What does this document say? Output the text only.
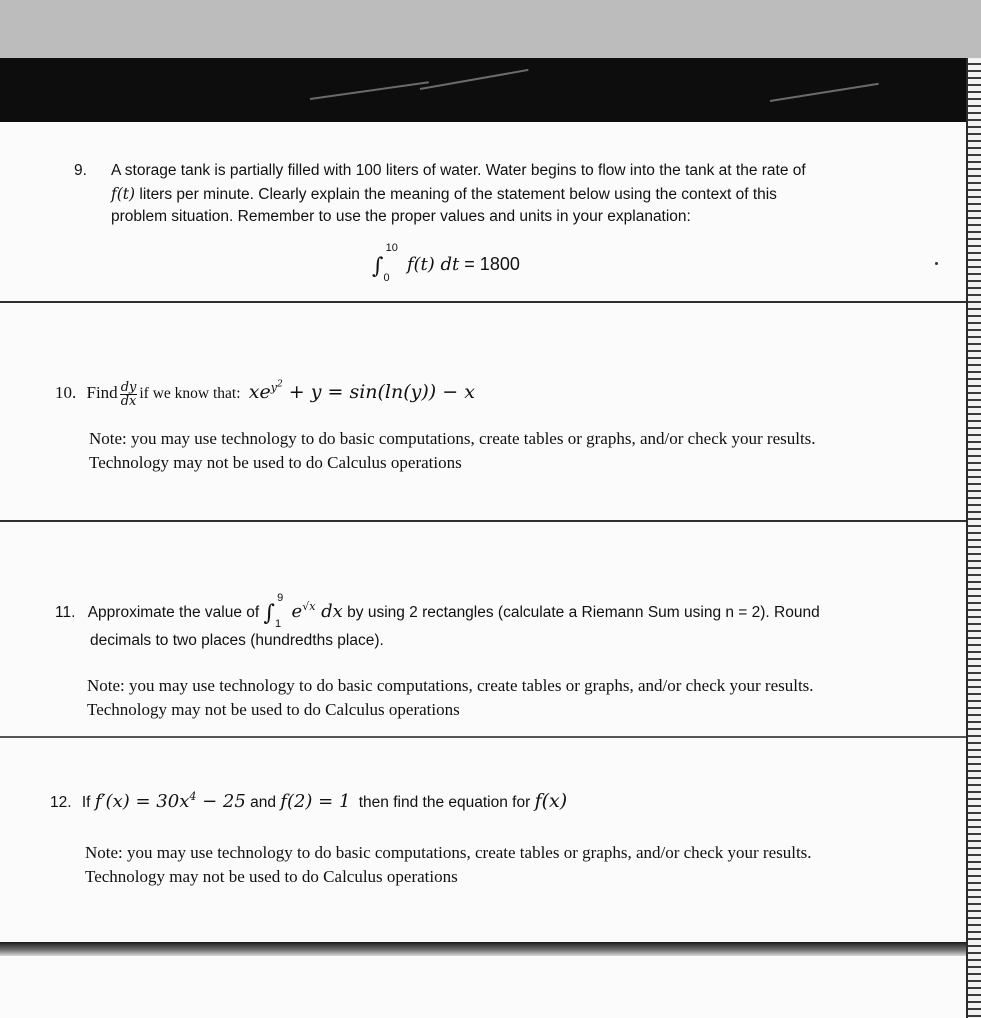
9. A storage tank is partially filled with 100 liters of water. Water begins to flow into the tank at the rate of
f(t) liters per minute. Clearly explain the meaning of the statement below using the context of this
problem situation. Remember to use the proper values and units in your explanation:
$\int_0^{10}$ f(t) dt = 1800
10. Find $\frac{dy}{dx}$ if we know that: $xe^{y^2} + y = \sin(\ln(y)) - x$
Note: you may use technology to do basic computations, create tables or graphs, and/or check your results.
Technology may not be used to do Calculus operations
11. Approximate the value of $\int_1^9$ $e^{√x}$ dx by using 2 rectangles (calculate a Riemann Sum using n = 2). Round
decimals to two places (hundredths place).
Note: you may use technology to do basic computations, create tables or graphs, and/or check your results.
Technology may not be used to do Calculus operations
12. If $f'(x) = 30x^4 - 25$ and f(2) = 1 then find the equation for f(x)
Note: you may use technology to do basic computations, create tables or graphs, and/or check your results.
Technology may not be used to do Calculus operations
